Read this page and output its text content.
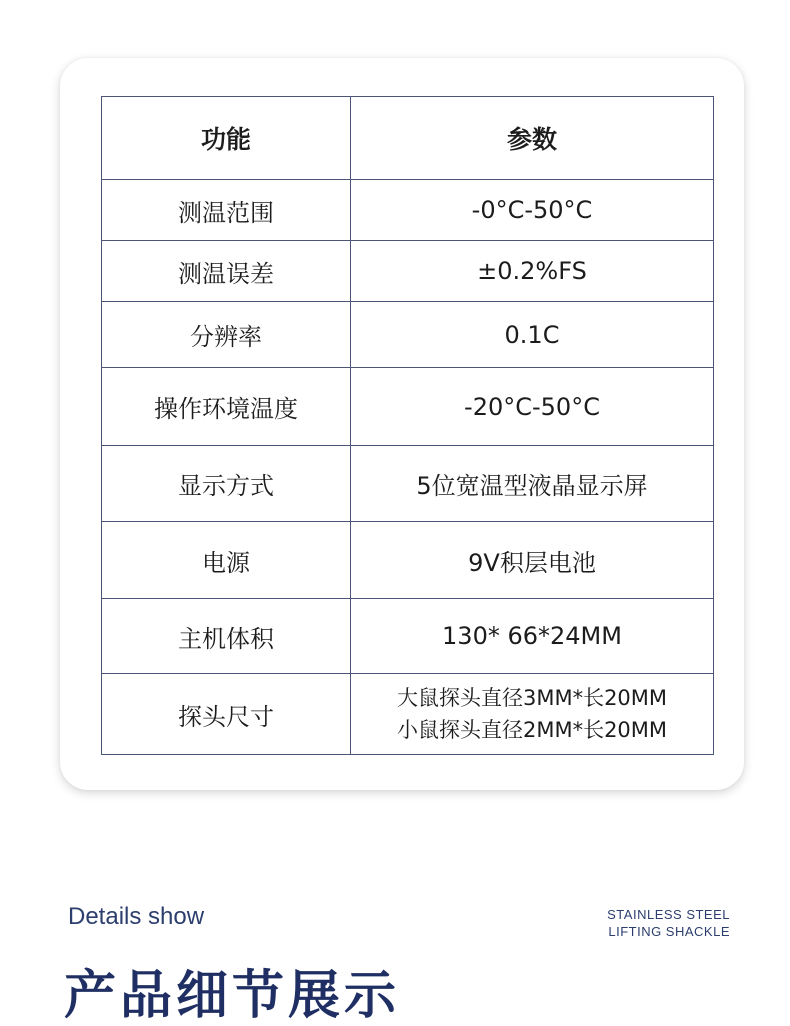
功能	参数
测温范围	-0°C-50°C
测温误差	±0.2%FS
分辨率	0.1C
操作环境温度	-20°C-50°C
显示方式	5位宽温型液晶显示屏
电源	9V积层电池
主机体积	130* 66*24MM
探头尺寸	大鼠探头直径3MM*长20MM
小鼠探头直径2MM*长20MM
Details show	STAINLESS STEEL
LIFTING SHACKLE
产品细节展示
